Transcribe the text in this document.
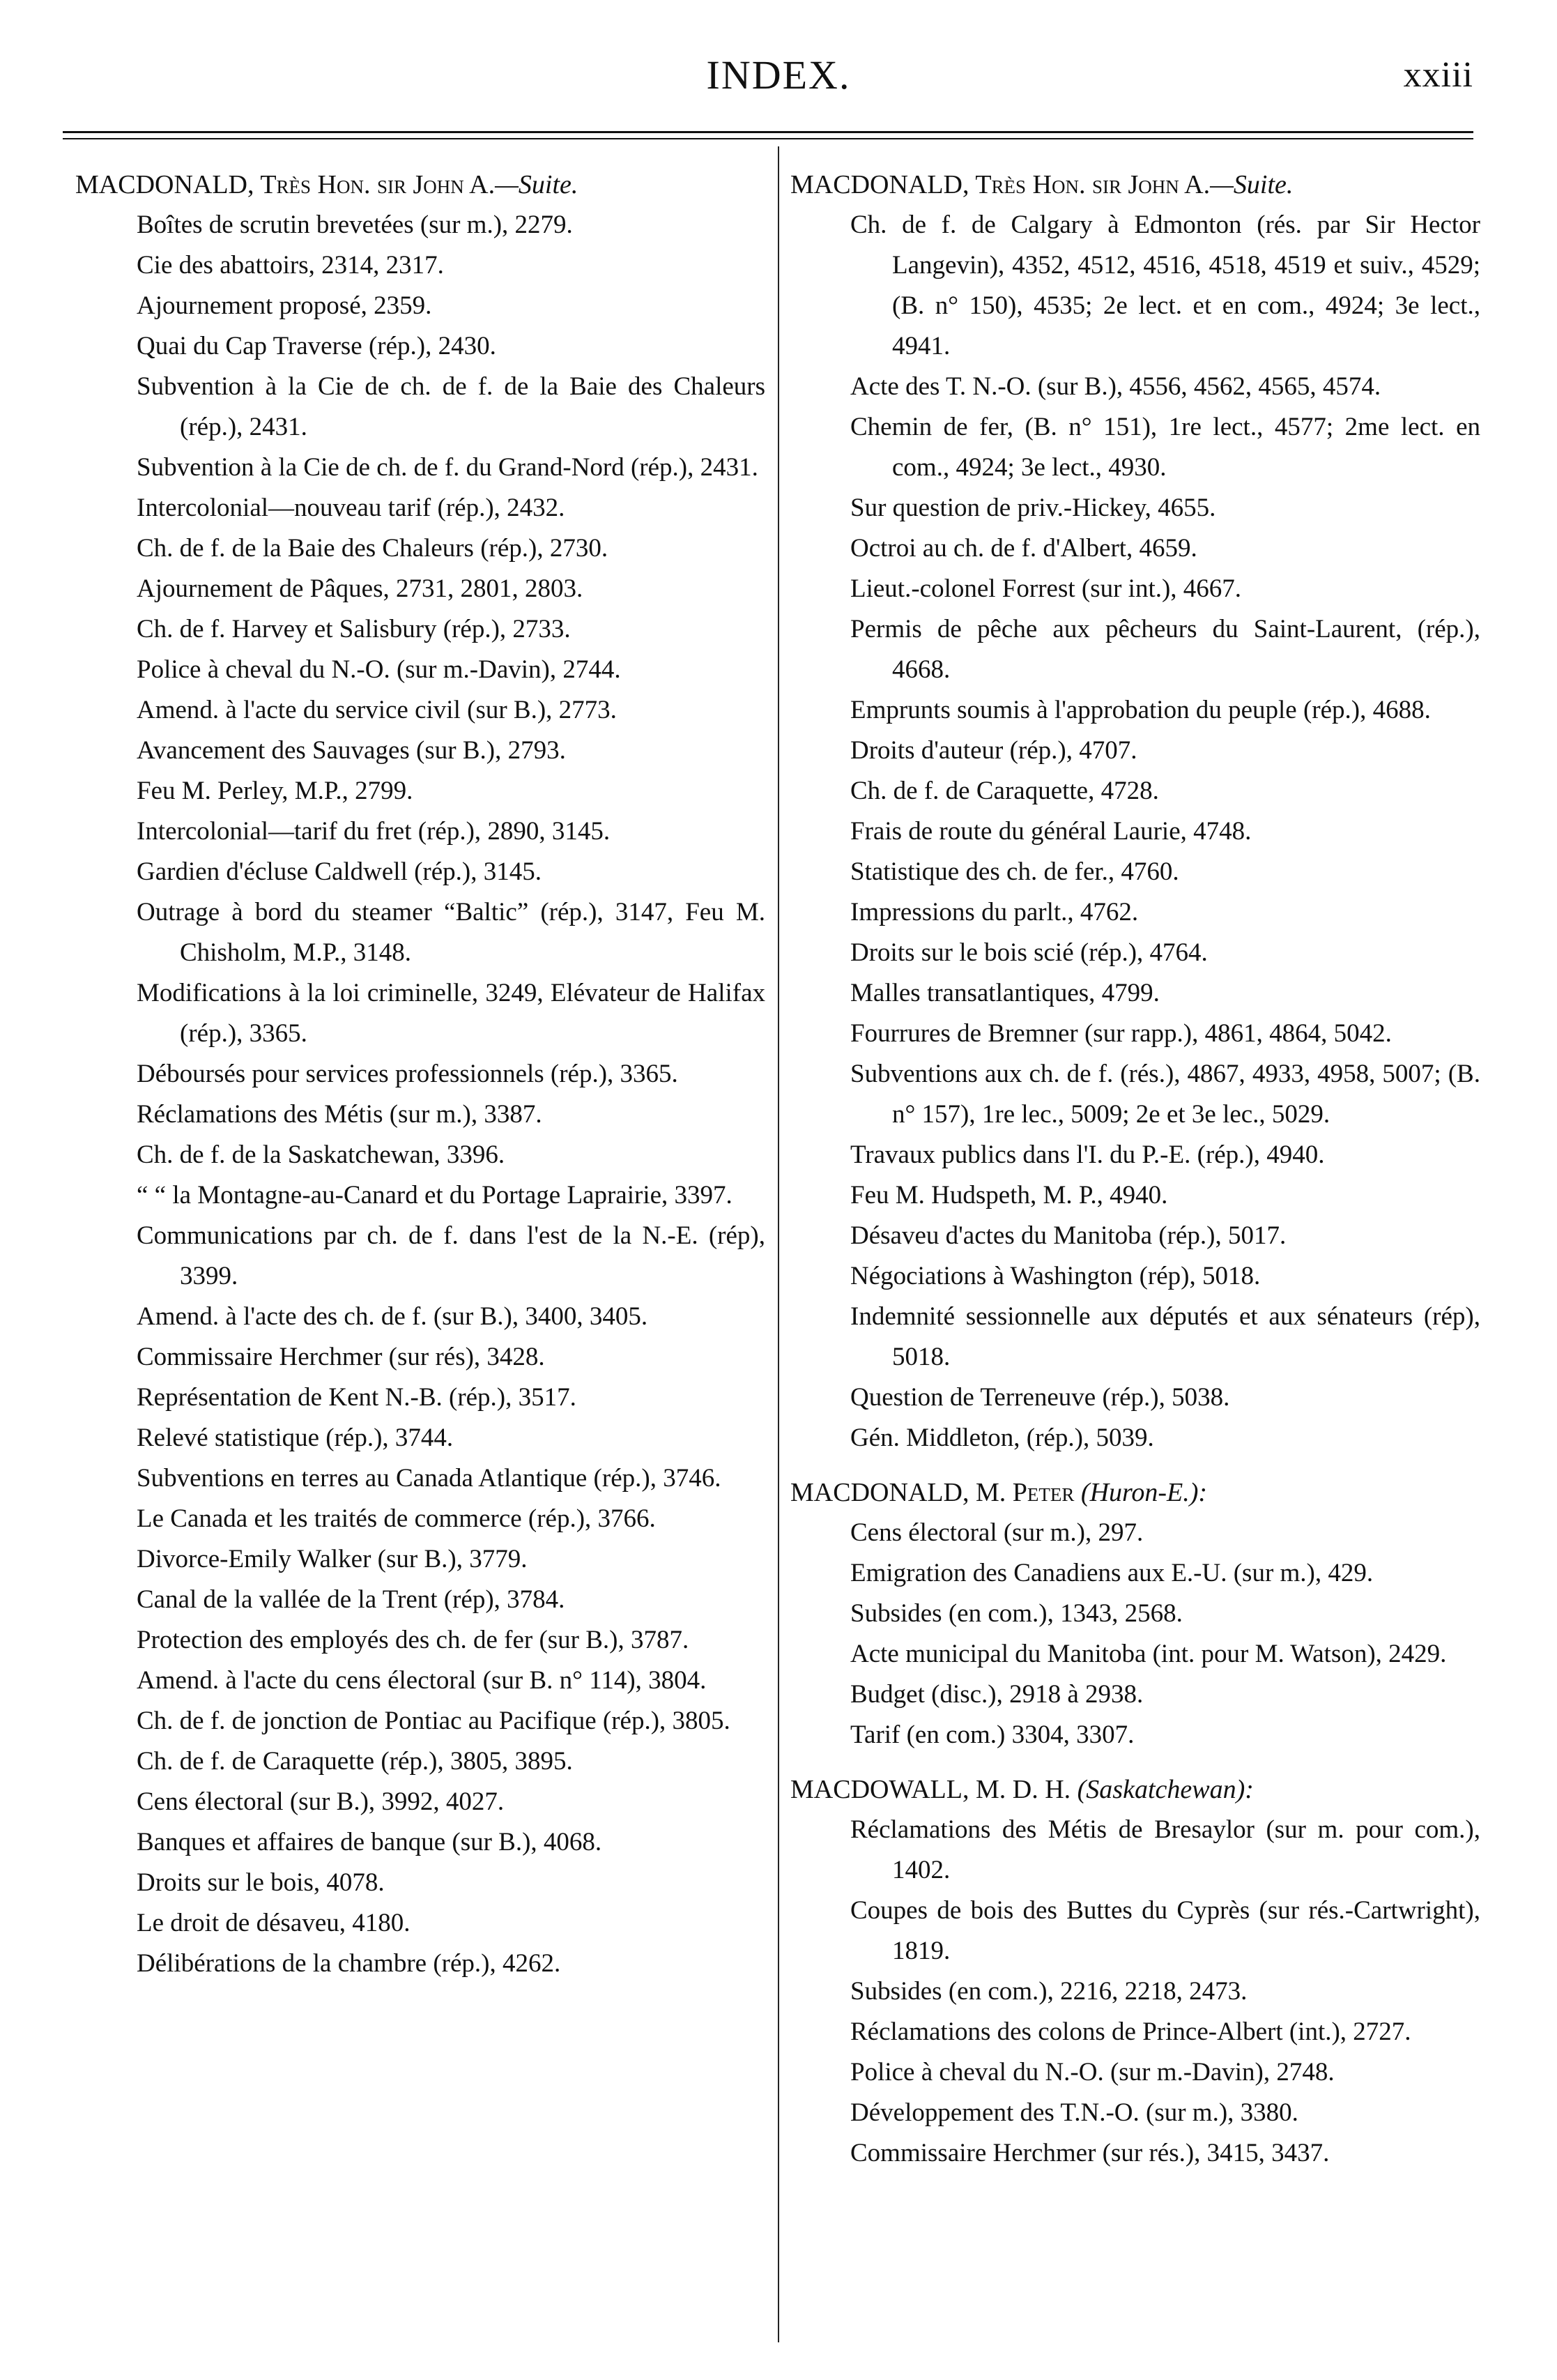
INDEX.	xxiii
MACDONALD, Très Hon. sir John A.—Suite.
Boîtes de scrutin brevetées (sur m.), 2279.
Cie des abattoirs, 2314, 2317.
Ajournement proposé, 2359.
Quai du Cap Traverse (rép.), 2430.
Subvention à la Cie de ch. de f. de la Baie des Chaleurs (rép.), 2431.
Subvention à la Cie de ch. de f. du Grand-Nord (rép.), 2431.
Intercolonial—nouveau tarif (rép.), 2432.
Ch. de f. de la Baie des Chaleurs (rép.), 2730.
Ajournement de Pâques, 2731, 2801, 2803.
Ch. de f. Harvey et Salisbury (rép.), 2733.
Police à cheval du N.-O. (sur m.-Davin), 2744.
Amend. à l'acte du service civil (sur B.), 2773.
Avancement des Sauvages (sur B.), 2793.
Feu M. Perley, M.P., 2799.
Intercolonial—tarif du fret (rép.), 2890, 3145.
Gardien d'écluse Caldwell (rép.), 3145.
Outrage à bord du steamer “Baltic” (rép.), 3147, Feu M. Chisholm, M.P., 3148.
Modifications à la loi criminelle, 3249, Elévateur de Halifax (rép.), 3365.
Déboursés pour services professionnels (rép.), 3365.
Réclamations des Métis (sur m.), 3387.
Ch. de f. de la Saskatchewan, 3396.
“ “ la Montagne-au-Canard et du Portage Laprairie, 3397.
Communications par ch. de f. dans l'est de la N.-E. (rép), 3399.
Amend. à l'acte des ch. de f. (sur B.), 3400, 3405.
Commissaire Herchmer (sur rés), 3428.
Représentation de Kent N.-B. (rép.), 3517.
Relevé statistique (rép.), 3744.
Subventions en terres au Canada Atlantique (rép.), 3746.
Le Canada et les traités de commerce (rép.), 3766.
Divorce-Emily Walker (sur B.), 3779.
Canal de la vallée de la Trent (rép), 3784.
Protection des employés des ch. de fer (sur B.), 3787.
Amend. à l'acte du cens électoral (sur B. n° 114), 3804.
Ch. de f. de jonction de Pontiac au Pacifique (rép.), 3805.
Ch. de f. de Caraquette (rép.), 3805, 3895.
Cens électoral (sur B.), 3992, 4027.
Banques et affaires de banque (sur B.), 4068.
Droits sur le bois, 4078.
Le droit de désaveu, 4180.
Délibérations de la chambre (rép.), 4262.
MACDONALD, Très Hon. sir John A.—Suite.
Ch. de f. de Calgary à Edmonton (rés. par Sir Hector Langevin), 4352, 4512, 4516, 4518, 4519 et suiv., 4529; (B. n° 150), 4535; 2e lect. et en com., 4924; 3e lect., 4941.
Acte des T. N.-O. (sur B.), 4556, 4562, 4565, 4574.
Chemin de fer, (B. n° 151), 1re lect., 4577; 2me lect. en com., 4924; 3e lect., 4930.
Sur question de priv.-Hickey, 4655.
Octroi au ch. de f. d'Albert, 4659.
Lieut.-colonel Forrest (sur int.), 4667.
Permis de pêche aux pêcheurs du Saint-Laurent, (rép.), 4668.
Emprunts soumis à l'approbation du peuple (rép.), 4688.
Droits d'auteur (rép.), 4707.
Ch. de f. de Caraquette, 4728.
Frais de route du général Laurie, 4748.
Statistique des ch. de fer., 4760.
Impressions du parlt., 4762.
Droits sur le bois scié (rép.), 4764.
Malles transatlantiques, 4799.
Fourrures de Bremner (sur rapp.), 4861, 4864, 5042.
Subventions aux ch. de f. (rés.), 4867, 4933, 4958, 5007; (B. n° 157), 1re lec., 5009; 2e et 3e lec., 5029.
Travaux publics dans l'I. du P.-E. (rép.), 4940.
Feu M. Hudspeth, M. P., 4940.
Désaveu d'actes du Manitoba (rép.), 5017.
Négociations à Washington (rép), 5018.
Indemnité sessionnelle aux députés et aux sénateurs (rép), 5018.
Question de Terreneuve (rép.), 5038.
Gén. Middleton, (rép.), 5039.
MACDONALD, M. Peter (Huron-E.):
Cens électoral (sur m.), 297.
Emigration des Canadiens aux E.-U. (sur m.), 429.
Subsides (en com.), 1343, 2568.
Acte municipal du Manitoba (int. pour M. Watson), 2429.
Budget (disc.), 2918 à 2938.
Tarif (en com.) 3304, 3307.
MACDOWALL, M. D. H. (Saskatchewan):
Réclamations des Métis de Bresaylor (sur m. pour com.), 1402.
Coupes de bois des Buttes du Cyprès (sur rés.-Cartwright), 1819.
Subsides (en com.), 2216, 2218, 2473.
Réclamations des colons de Prince-Albert (int.), 2727.
Police à cheval du N.-O. (sur m.-Davin), 2748.
Développement des T.N.-O. (sur m.), 3380.
Commissaire Herchmer (sur rés.), 3415, 3437.
